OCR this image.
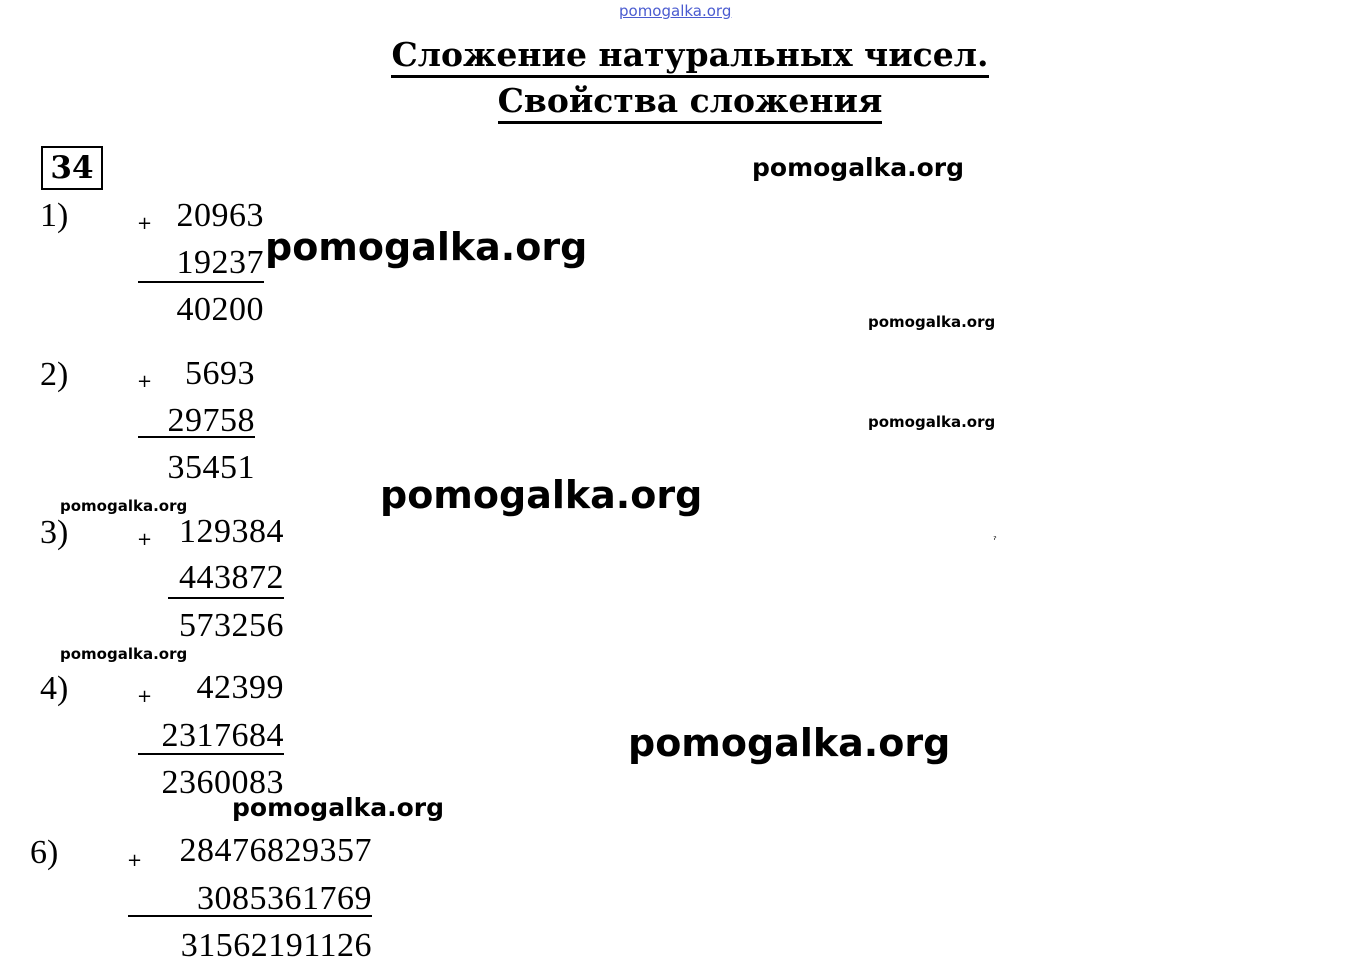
pomogalka.org
Сложение натуральных чисел.
Свойства сложения
34
1)	+ 20963
19237
40200
2)	+ 5693
29758
35451
3)	+ 129384
443872
573256
4)	+ 42399
2317684
2360083
6)	+ 28476829357
3085361769
31562191126
pomogalka.org
pomogalka.org
pomogalka.org
pomogalka.org
pomogalka.org
pomogalka.org
pomogalka.org
pomogalka.org
pomogalka.org
ˀ
